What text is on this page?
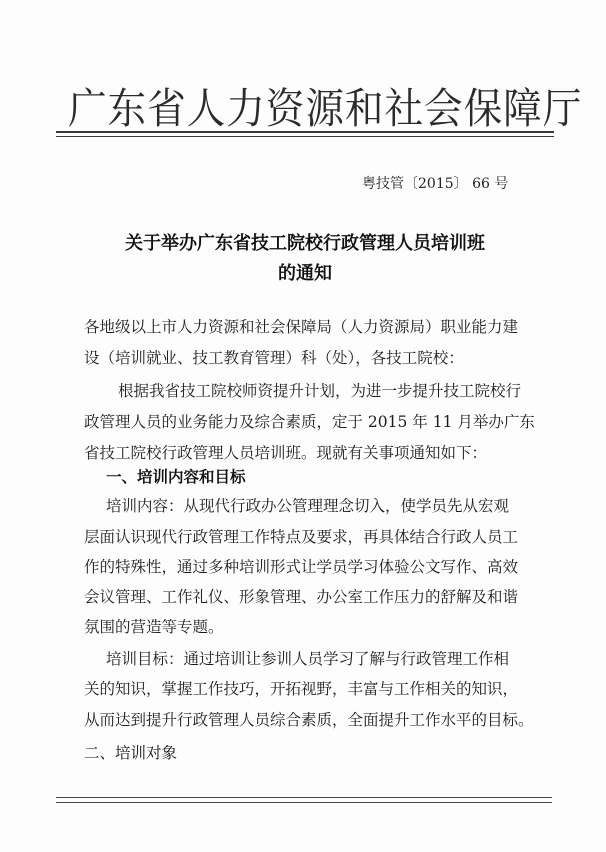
广东省人力资源和社会保障厅
粤技管〔2015〕 66 号
关于举办广东省技工院校行政管理人员培训班
的通知
各地级以上市人力资源和社会保障局（人力资源局）职业能力建
设（培训就业、技工教育管理）科（处），各技工院校：
根据我省技工院校师资提升计划，为进一步提升技工院校行
政管理人员的业务能力及综合素质，定于 2015 年 11 月举办广东
省技工院校行政管理人员培训班。现就有关事项通知如下：
一、培训内容和目标
培训内容：从现代行政办公管理理念切入，使学员先从宏观
层面认识现代行政管理工作特点及要求，再具体结合行政人员工
作的特殊性，通过多种培训形式让学员学习体验公文写作、高效
会议管理、工作礼仪、形象管理、办公室工作压力的舒解及和谐
氛围的营造等专题。
培训目标：通过培训让参训人员学习了解与行政管理工作相
关的知识，掌握工作技巧，开拓视野，丰富与工作相关的知识，
从而达到提升行政管理人员综合素质，全面提升工作水平的目标。
二、培训对象
